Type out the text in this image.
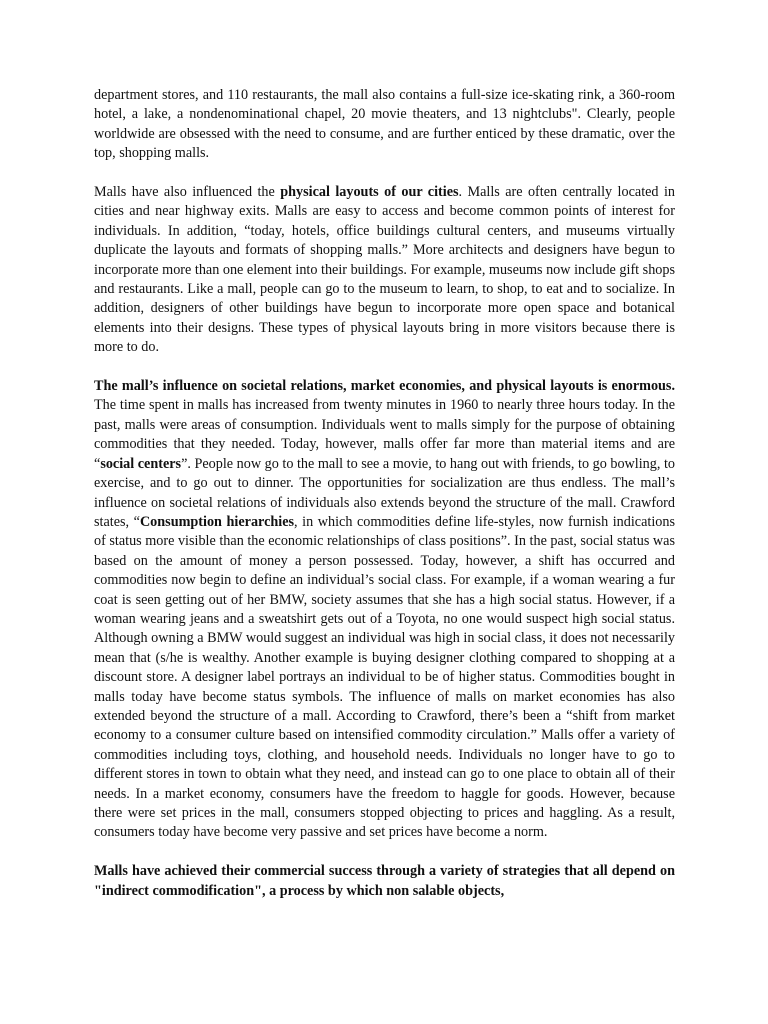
department stores, and 110 restaurants, the mall also contains a full-size ice-skating rink, a 360-room hotel, a lake, a nondenominational chapel, 20 movie theaters, and 13 nightclubs". Clearly, people worldwide are obsessed with the need to consume, and are further enticed by these dramatic, over the top, shopping malls.

Malls have also influenced the physical layouts of our cities. Malls are often centrally located in cities and near highway exits. Malls are easy to access and become common points of interest for individuals. In addition, “today, hotels, office buildings cultural centers, and museums virtually duplicate the layouts and formats of shopping malls.” More architects and designers have begun to incorporate more than one element into their buildings. For example, museums now include gift shops and restaurants. Like a mall, people can go to the museum to learn, to shop, to eat and to socialize. In addition, designers of other buildings have begun to incorporate more open space and botanical elements into their designs. These types of physical layouts bring in more visitors because there is more to do.

The mall’s influence on societal relations, market economies, and physical layouts is enormous. The time spent in malls has increased from twenty minutes in 1960 to nearly three hours today. In the past, malls were areas of consumption. Individuals went to malls simply for the purpose of obtaining commodities that they needed. Today, however, malls offer far more than material items and are “social centers”. People now go to the mall to see a movie, to hang out with friends, to go bowling, to exercise, and to go out to dinner. The opportunities for socialization are thus endless. The mall’s influence on societal relations of individuals also extends beyond the structure of the mall. Crawford states, “Consumption hierarchies, in which commodities define life-styles, now furnish indications of status more visible than the economic relationships of class positions”. In the past, social status was based on the amount of money a person possessed. Today, however, a shift has occurred and commodities now begin to define an individual’s social class. For example, if a woman wearing a fur coat is seen getting out of her BMW, society assumes that she has a high social status. However, if a woman wearing jeans and a sweatshirt gets out of a Toyota, no one would suspect high social status. Although owning a BMW would suggest an individual was high in social class, it does not necessarily mean that (s/he is wealthy. Another example is buying designer clothing compared to shopping at a discount store. A designer label portrays an individual to be of higher status. Commodities bought in malls today have become status symbols. The influence of malls on market economies has also extended beyond the structure of a mall. According to Crawford, there’s been a “shift from market economy to a consumer culture based on intensified commodity circulation.” Malls offer a variety of commodities including toys, clothing, and household needs. Individuals no longer have to go to different stores in town to obtain what they need, and instead can go to one place to obtain all of their needs. In a market economy, consumers have the freedom to haggle for goods. However, because there were set prices in the mall, consumers stopped objecting to prices and haggling. As a result, consumers today have become very passive and set prices have become a norm.

Malls have achieved their commercial success through a variety of strategies that all depend on "indirect commodification", a process by which non salable objects,
